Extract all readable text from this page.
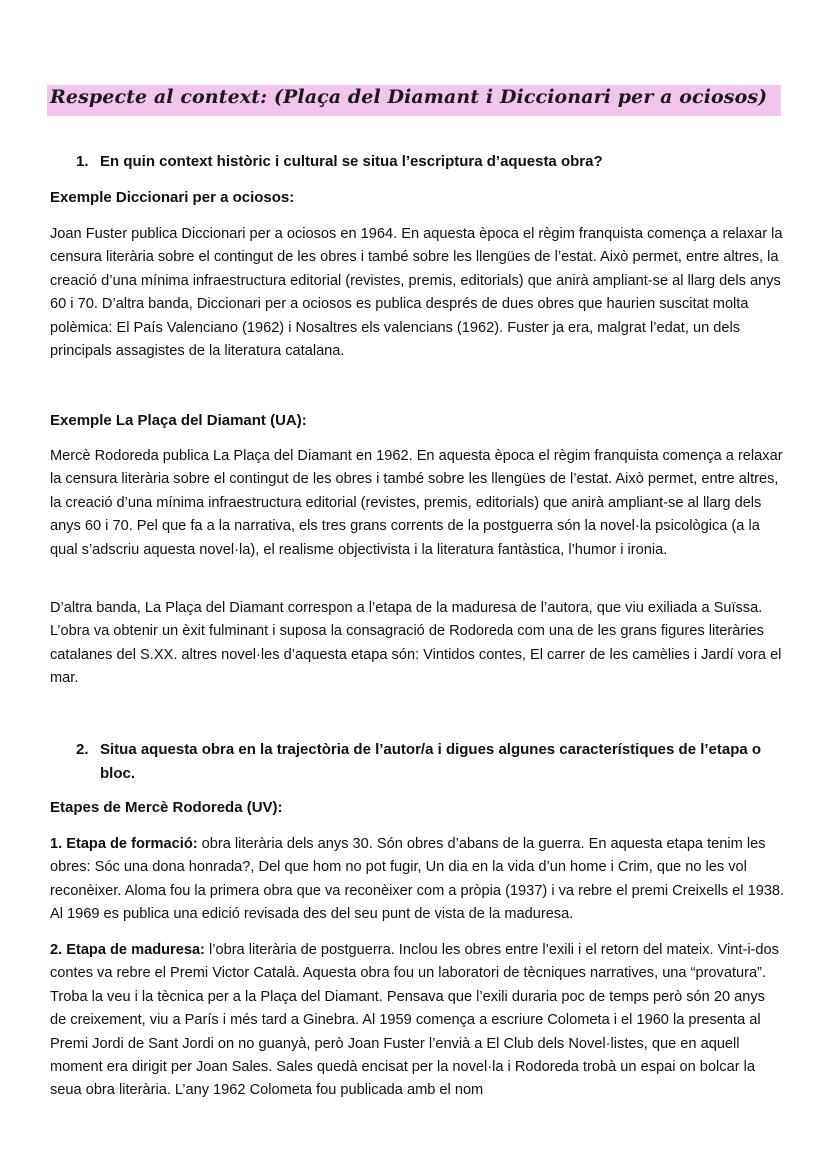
Respecte al context: (Plaça del Diamant i Diccionari per a ociosos)
1. En quin context històric i cultural se situa l’escriptura d’aquesta obra?
Exemple Diccionari per a ociosos:
Joan Fuster publica Diccionari per a ociosos en 1964. En aquesta època el règim franquista comença a relaxar la censura literària sobre el contingut de les obres i també sobre les llengües de l’estat. Això permet, entre altres, la creació d’una mínima infraestructura editorial (revistes, premis, editorials) que anirà ampliant-se al llarg dels anys 60 i 70. D’altra banda, Diccionari per a ociosos es publica després de dues obres que haurien suscitat molta polèmica: El País Valenciano (1962) i Nosaltres els valencians (1962). Fuster ja era, malgrat l’edat, un dels principals assagistes de la literatura catalana.
Exemple La Plaça del Diamant (UA):
Mercè Rodoreda publica La Plaça del Diamant en 1962. En aquesta època el règim franquista comença a relaxar la censura literària sobre el contingut de les obres i també sobre les llengües de l’estat. Això permet, entre altres, la creació d’una mínima infraestructura editorial (revistes, premis, editorials) que anirà ampliant-se al llarg dels anys 60 i 70. Pel que fa a la narrativa, els tres grans corrents de la postguerra són la novel·la psicològica (a la qual s’adscriu aquesta novel·la), el realisme objectivista i la literatura fantàstica, l’humor i ironia.
D’altra banda, La Plaça del Diamant correspon a l’etapa de la maduresa de l’autora, que viu exiliada a Suïssa. L’obra va obtenir un èxit fulminant i suposa la consagració de Rodoreda com una de les grans figures literàries catalanes del S.XX. altres novel·les d’aquesta etapa són: Vintidos contes, El carrer de les camèlies i Jardí vora el mar.
2. Situa aquesta obra en la trajectòria de l’autor/a i digues algunes característiques de l’etapa o bloc.
Etapes de Mercè Rodoreda (UV):
1. Etapa de formació: obra literària dels anys 30. Són obres d’abans de la guerra. En aquesta etapa tenim les obres: Sóc una dona honrada?, Del que hom no pot fugir, Un dia en la vida d’un home i Crim, que no les vol reconèixer. Aloma fou la primera obra que va reconèixer com a pròpia (1937) i va rebre el premi Creixells el 1938. Al 1969 es publica una edició revisada des del seu punt de vista de la maduresa.
2. Etapa de maduresa: l’obra literària de postguerra. Inclou les obres entre l’exili i el retorn del mateix. Vint-i-dos contes va rebre el Premi Victor Català. Aquesta obra fou un laboratori de tècniques narratives, una “provatura”. Troba la veu i la tècnica per a la Plaça del Diamant. Pensava que l’exili duraria poc de temps però són 20 anys de creixement, viu a París i més tard a Ginebra. Al 1959 comença a escriure Colometa i el 1960 la presenta al Premi Jordi de Sant Jordi on no guanyà, però Joan Fuster l’envià a El Club dels Novel·listes, que en aquell moment era dirigit per Joan Sales. Sales quedà encisat per la novel·la i Rodoreda trobà un espai on bolcar la seua obra literària. L’any 1962 Colometa fou publicada amb el nom
